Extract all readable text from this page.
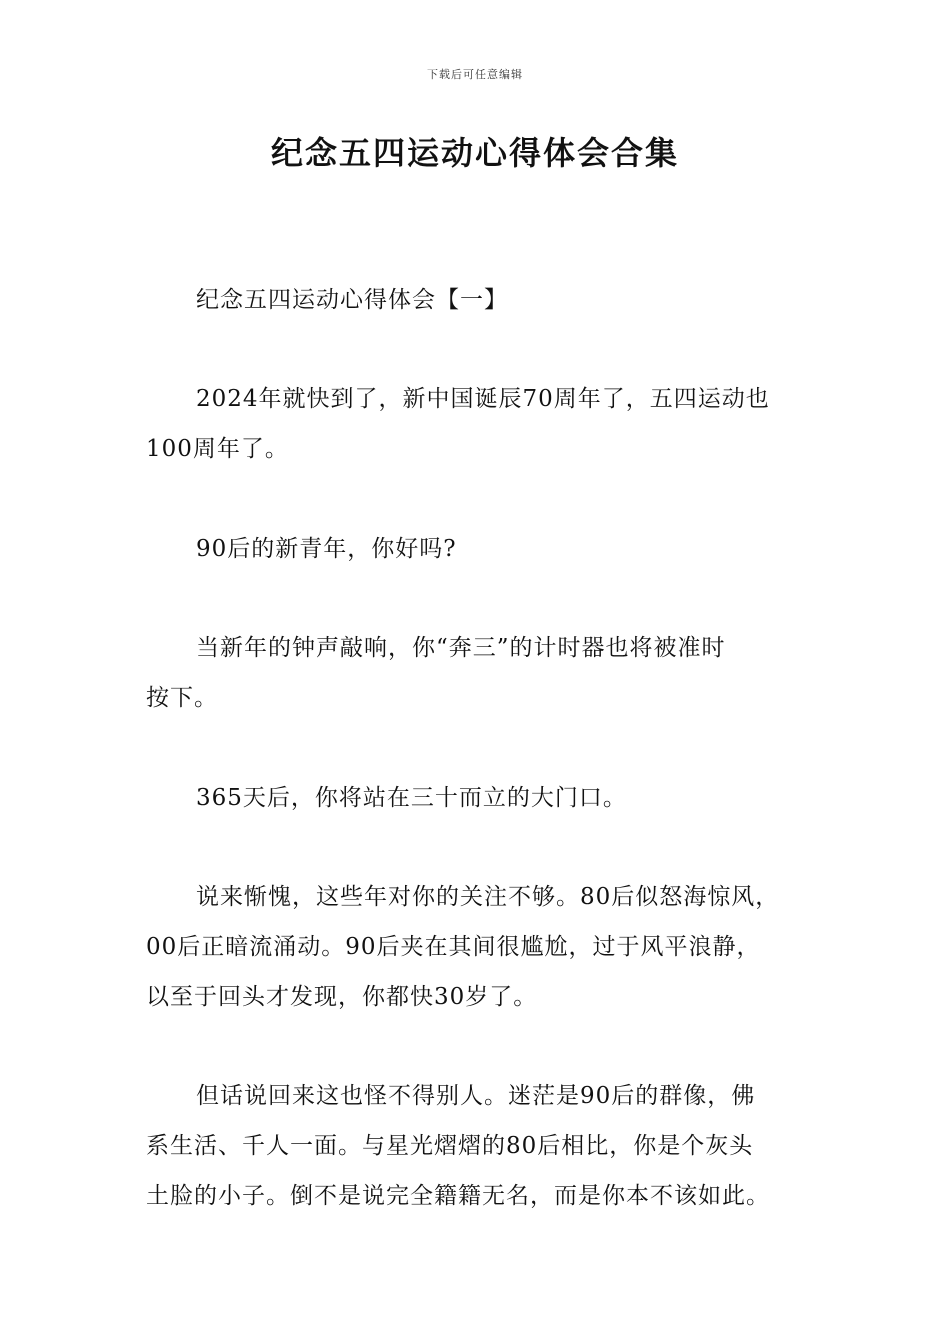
下载后可任意编辑
纪念五四运动心得体会合集
纪念五四运动心得体会【一】
2024年就快到了，新中国诞辰70周年了，五四运动也
100周年了。
90后的新青年，你好吗?
当新年的钟声敲响，你“奔三”的计时器也将被准时
按下。
365天后，你将站在三十而立的大门口。
说来惭愧，这些年对你的关注不够。80后似怒海惊风，
00后正暗流涌动。90后夹在其间很尴尬，过于风平浪静，
以至于回头才发现，你都快30岁了。
但话说回来这也怪不得别人。迷茫是90后的群像，佛
系生活、千人一面。与星光熠熠的80后相比，你是个灰头
土脸的小子。倒不是说完全籍籍无名，而是你本不该如此。
